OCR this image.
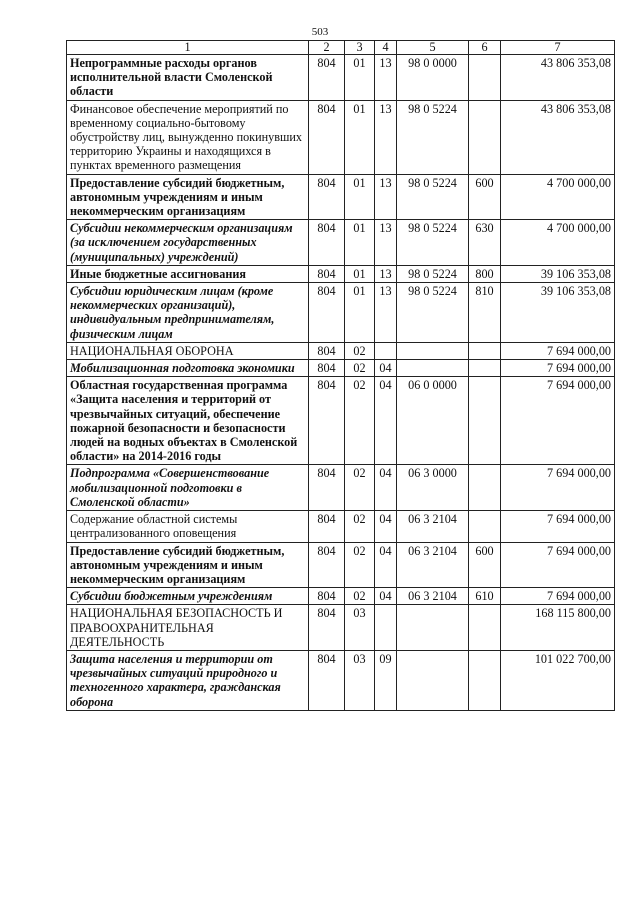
503
1	2	3	4	5	6	7
Непрограммные расходы органов исполнительной власти Смоленской области	804	01	13	98 0 0000		43 806 353,08
Финансовое обеспечение мероприятий по временному социально-бытовому обустройству лиц, вынужденно покинувших территорию Украины и находящихся в пунктах временного размещения	804	01	13	98 0 5224		43 806 353,08
Предоставление субсидий бюджетным, автономным учреждениям и иным некоммерческим организациям	804	01	13	98 0 5224	600	4 700 000,00
Субсидии некоммерческим организациям (за исключением государственных (муниципальных) учреждений)	804	01	13	98 0 5224	630	4 700 000,00
Иные бюджетные ассигнования	804	01	13	98 0 5224	800	39 106 353,08
Субсидии юридическим лицам (кроме некоммерческих организаций), индивидуальным предпринимателям, физическим лицам	804	01	13	98 0 5224	810	39 106 353,08
НАЦИОНАЛЬНАЯ ОБОРОНА	804	02				7 694 000,00
Мобилизационная подготовка экономики	804	02	04			7 694 000,00
Областная государственная программа «Защита населения и территорий от чрезвычайных ситуаций, обеспечение пожарной безопасности и безопасности людей на водных объектах в Смоленской области» на 2014-2016 годы	804	02	04	06 0 0000		7 694 000,00
Подпрограмма «Совершенствование мобилизационной подготовки в Смоленской области»	804	02	04	06 3 0000		7 694 000,00
Содержание областной системы централизованного оповещения	804	02	04	06 3 2104		7 694 000,00
Предоставление субсидий бюджетным, автономным учреждениям и иным некоммерческим организациям	804	02	04	06 3 2104	600	7 694 000,00
Субсидии бюджетным учреждениям	804	02	04	06 3 2104	610	7 694 000,00
НАЦИОНАЛЬНАЯ БЕЗОПАСНОСТЬ И ПРАВООХРАНИТЕЛЬНАЯ ДЕЯТЕЛЬНОСТЬ	804	03				168 115 800,00
Защита населения и территории от чрезвычайных ситуаций природного и техногенного характера, гражданская оборона	804	03	09			101 022 700,00
